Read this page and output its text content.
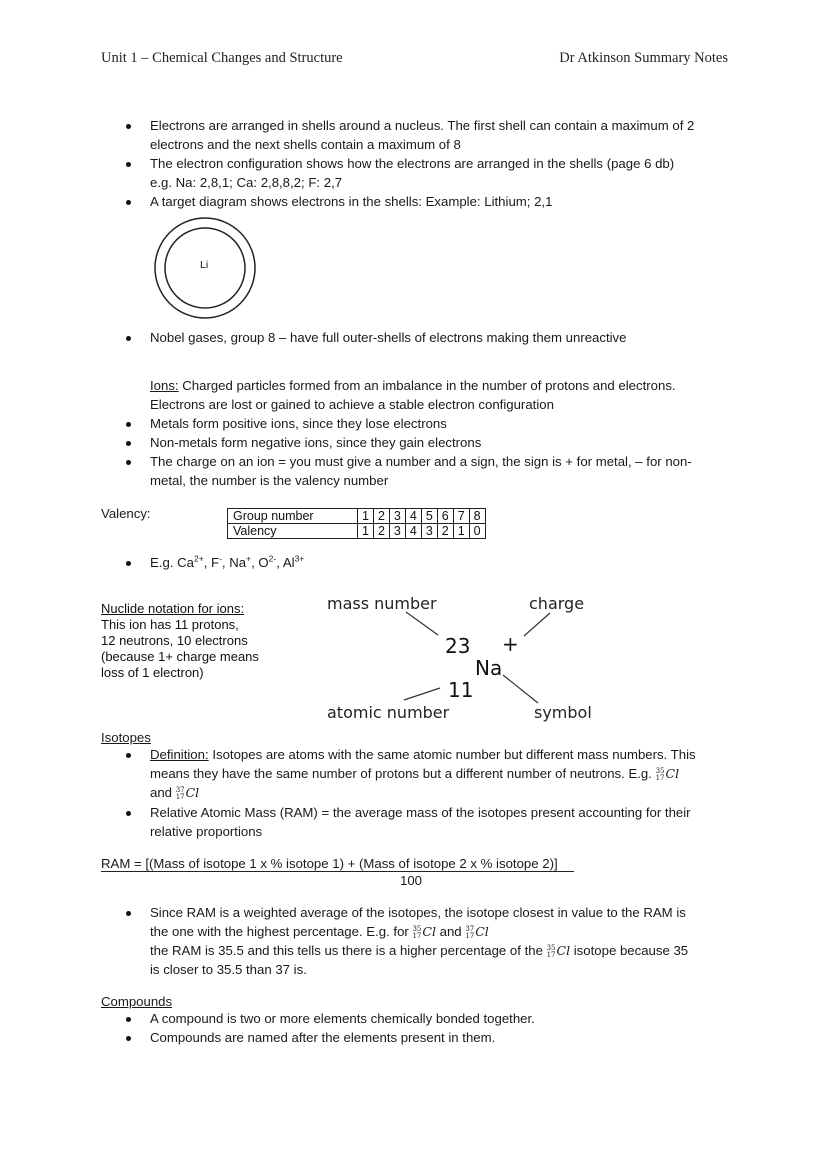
Unit 1 – Chemical Changes and Structure	Dr Atkinson Summary Notes
Electrons are arranged in shells around a nucleus. The first shell can contain a maximum of 2
electrons and the next shells contain a maximum of 8
The electron configuration shows how the electrons are arranged in the shells (page 6 db)
e.g. Na: 2,8,1; Ca: 2,8,8,2; F: 2,7
A target diagram shows electrons in the shells: Example: Lithium; 2,1
Li
Nobel gases, group 8 – have full outer-shells of electrons making them unreactive
Ions: Charged particles formed from an imbalance in the number of protons and electrons.
Electrons are lost or gained to achieve a stable electron configuration
Metals form positive ions, since they lose electrons
Non-metals form negative ions, since they gain electrons
The charge on an ion = you must give a number and a sign, the sign is + for metal, – for non-
metal, the number is the valency number
Valency:	Group number	1	2	3	4	5	6	7	8
Valency	1	2	3	4	3	2	1	0
E.g. $Ca^{2+}$, F-, Na+, $O^{2-}$, $Al^{3+}$
Nuclide notation for ions:
This ion has 11 protons,
12 neutrons, 10 electrons
(because 1+ charge means
loss of 1 electron)
mass number	charge
23 +
Na
11
atomic number	symbol
Isotopes
Definition: Isotopes are atoms with the same atomic number but different mass numbers. This
means they have the same number of protons but a different number of neutrons. E.g. 35
17Cl
and 37
17Cl
Relative Atomic Mass (RAM) = the average mass of the isotopes present accounting for their
relative proportions
RAM = [(Mass of isotope 1 x % isotope 1) + (Mass of isotope 2 x % isotope 2)]
100
Since RAM is a weighted average of the isotopes, the isotope closest in value to the RAM is
the one with the highest percentage. E.g. for 35
17Cl and 37
17Cl
the RAM is 35.5 and this tells us there is a higher percentage of the 35
17Cl isotope because 35
is closer to 35.5 than 37 is.
Compounds
A compound is two or more elements chemically bonded together.
Compounds are named after the elements present in them.
